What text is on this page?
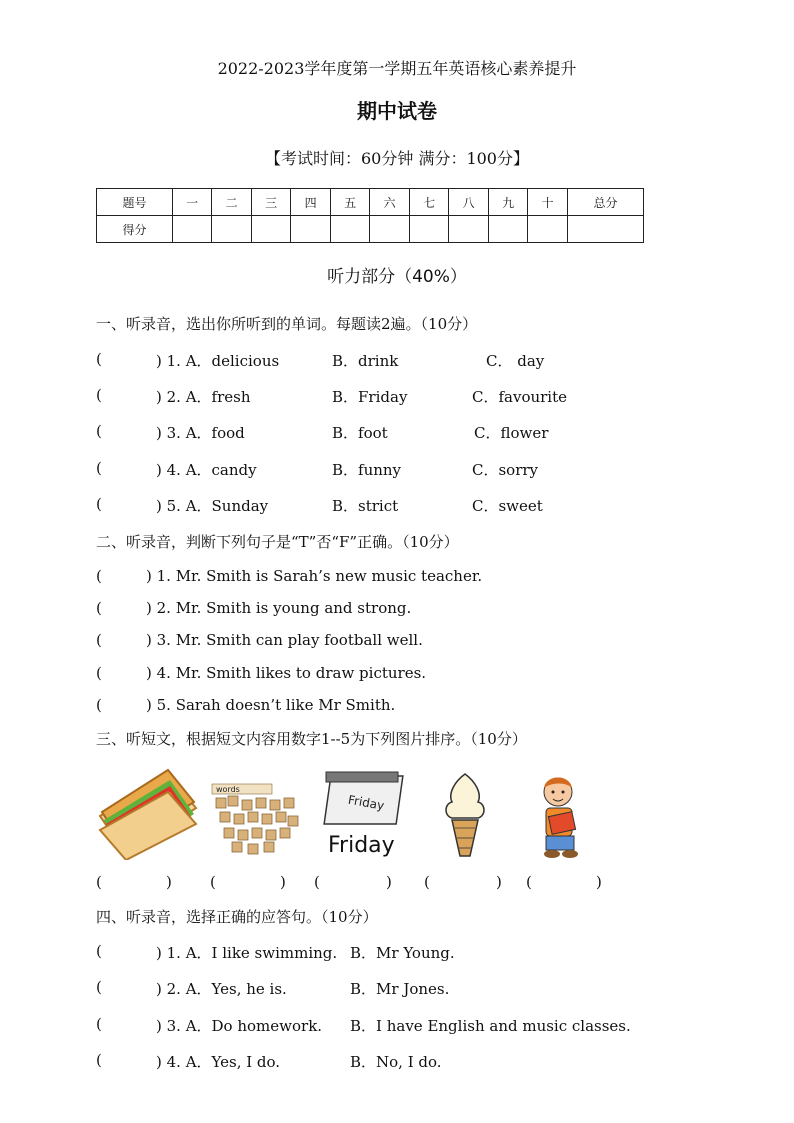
2022-2023学年度第一学期五年英语核心素养提升
期中试卷
【考试时间：60分钟 满分：100分】
题号	一	二	三	四	五	六	七	八	九	十	总分
得分											
听力部分（40%）
一、听录音，选出你所听到的单词。每题读2遍。（10分）
(	) 1. A．delicious	B．drink	C． day
(	) 2. A．fresh	B．Friday	C．favourite
(	) 3. A．food	B．foot	C．flower
(	) 4. A．candy	B．funny	C．sorry
(	) 5. A．Sunday	B．strict	C．sweet
二、听录音，判断下列句子是“T”否“F”正确。（10分）
(	) 1. Mr. Smith is Sarah’s new music teacher.
(	) 2. Mr. Smith is young and strong.
(	) 3. Mr. Smith can play football well.
(	) 4. Mr. Smith likes to draw pictures.
(	) 5. Sarah doesn’t like Mr Smith.
三、听短文，根据短文内容用数字1--5为下列图片排序。（10分）
words
Friday
Friday
(	)	(	) (	) (	) (	)
四、听录音，选择正确的应答句。（10分）
(	) 1. A．I like swimming. B．Mr Young.
(	) 2. A．Yes, he is.	B．Mr Jones.
(	) 3. A．Do homework. B．I have English and music classes.
(	) 4. A．Yes, I do.	B．No, I do.
